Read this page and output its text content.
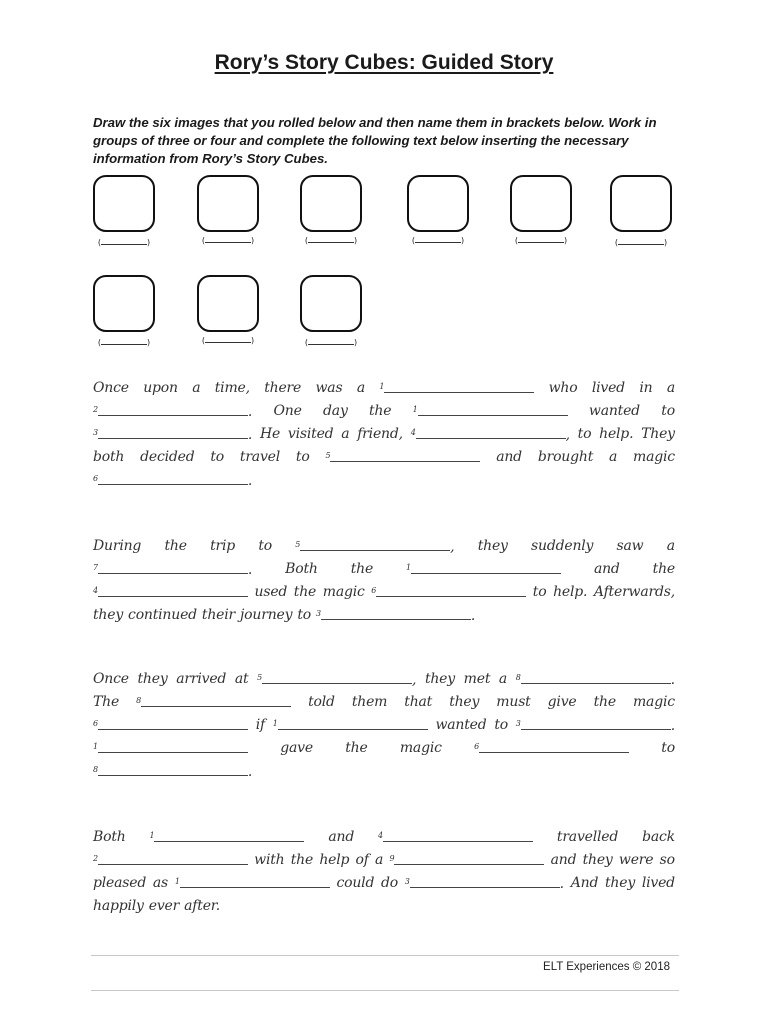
Rory’s Story Cubes: Guided Story
Draw the six images that you rolled below and then name them in brackets below. Work in groups of three or four and complete the following text below inserting the necessary information from Rory’s Story Cubes.
(	)	(	)	(	)	(	)	(	)	(	)
(	)	(	)	(	)
Once upon a time, there was a $^1$	who lived in a
$^2$	. One day the	$^1$	wanted to
$^3$	. He visited a friend, $^4$	, to help. They
both decided to travel to $^5$	and brought a magic
$^6$	.
During the trip to	$^5$	, they suddenly saw a
$^7$	. Both the	$^1$	and the
$^4$	used the magic $^6$	to help. Afterwards,
they continued their journey to $^3$	.
Once they arrived at $^5$	, they met a $^8$	.
The $^8$	told them that they must give the magic
$^6$	if $^1$	wanted to $^3$	.
$^1$	gave the magic	$^6$	to
$^8$	.
Both	$^1$	and	$^4$	travelled back
$^2$	with the help of a $^9$	and they were so
pleased as $^1$	could do $^3$	. And they lived
happily ever after.
ELT Experiences © 2018
